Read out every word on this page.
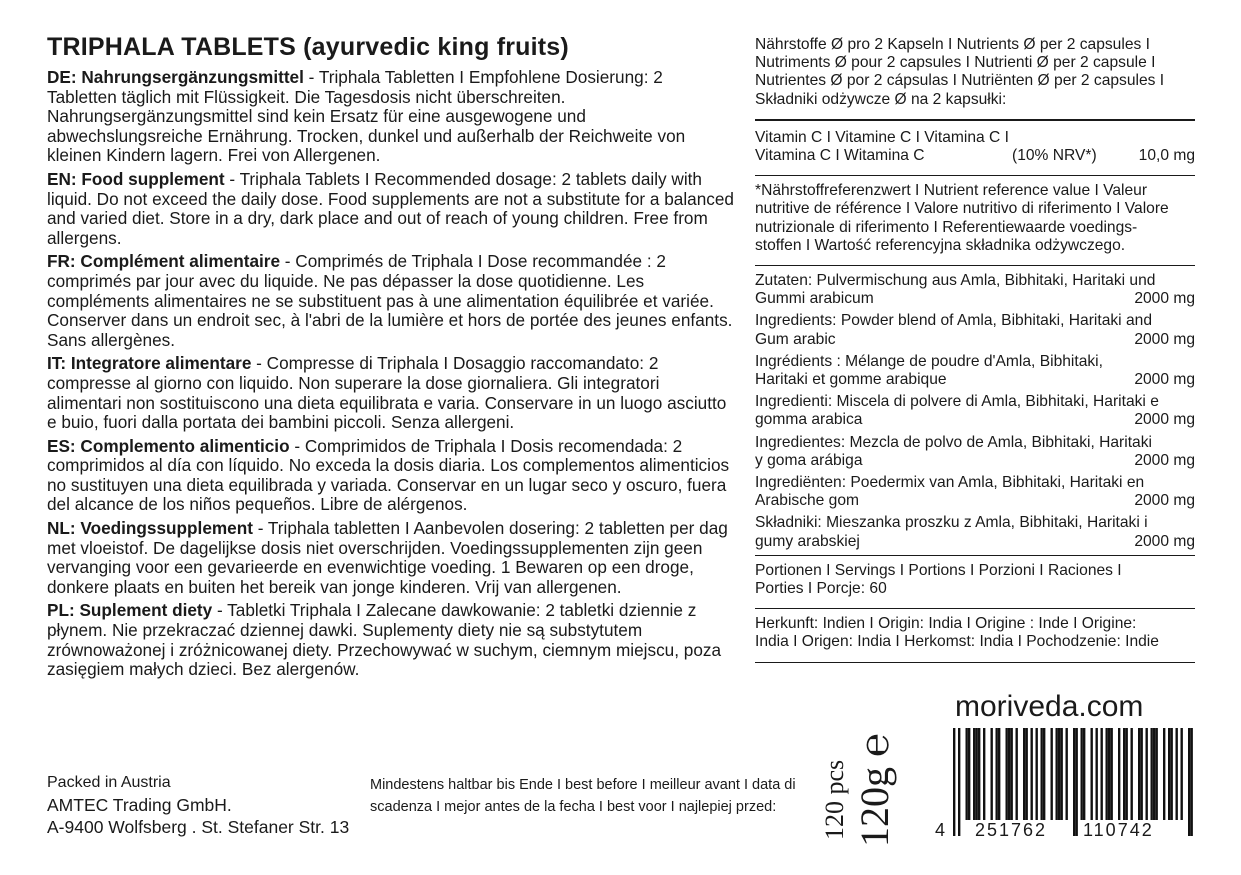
TRIPHALA TABLETS (ayurvedic king fruits)
DE: Nahrungsergänzungsmittel - Triphala Tabletten I Empfohlene Dosierung: 2 Tabletten täglich mit Flüssigkeit. Die Tagesdosis nicht überschreiten. Nahrungsergänzungsmittel sind kein Ersatz für eine ausgewogene und abwechslungsreiche Ernährung. Trocken, dunkel und außerhalb der Reichweite von kleinen Kindern lagern. Frei von Allergenen.
EN: Food supplement - Triphala Tablets I Recommended dosage: 2 tablets daily with liquid. Do not exceed the daily dose. Food supplements are not a substitute for a balanced and varied diet. Store in a dry, dark place and out of reach of young children. Free from allergens.
FR: Complément alimentaire - Comprimés de Triphala I Dose recommandée : 2 comprimés par jour avec du liquide. Ne pas dépasser la dose quotidienne. Les compléments alimentaires ne se substituent pas à une alimentation équilibrée et variée. Conserver dans un endroit sec, à l'abri de la lumière et hors de portée des jeunes enfants. Sans allergènes.
IT: Integratore alimentare - Compresse di Triphala I Dosaggio raccomandato: 2 compresse al giorno con liquido. Non superare la dose giornaliera. Gli integratori alimentari non sostituiscono una dieta equilibrata e varia. Conservare in un luogo asciutto e buio, fuori dalla portata dei bambini piccoli. Senza allergeni.
ES: Complemento alimenticio - Comprimidos de Triphala I Dosis recomendada: 2 comprimidos al día con líquido. No exceda la dosis diaria. Los complementos alimenticios no sustituyen una dieta equilibrada y variada. Conservar en un lugar seco y oscuro, fuera del alcance de los niños pequeños. Libre de alérgenos.
NL: Voedingssupplement - Triphala tabletten I Aanbevolen dosering: 2 tabletten per dag met vloeistof. De dagelijkse dosis niet overschrijden. Voedingssupplementen zijn geen vervanging voor een gevarieerde en evenwichtige voeding. 1 Bewaren op een droge, donkere plaats en buiten het bereik van jonge kinderen. Vrij van allergenen.
PL: Suplement diety - Tabletki Triphala I Zalecane dawkowanie: 2 tabletki dziennie z płynem. Nie przekraczać dziennej dawki. Suplementy diety nie są substytutem zrównoważonej i zróżnicowanej diety. Przechowywać w suchym, ciemnym miejscu, poza zasięgiem małych dzieci. Bez alergenów.
Packed in Austria
AMTEC Trading GmbH.
A-9400 Wolfsberg . St. Stefaner Str. 13
Mindestens haltbar bis Ende I best before I meilleur avant I data di scadenza I mejor antes de la fecha I best voor I najlepiej przed:
Nährstoffe Ø pro 2 Kapseln I Nutrients Ø per 2 capsules I
Nutriments Ø pour 2 capsules I Nutrienti Ø per 2 capsule I
Nutrientes Ø por 2 cápsulas I Nutriënten Ø per 2 capsules I
Składniki odżywcze Ø na 2 kapsułki:
Vitamin C I Vitamine C I Vitamina C I
Vitamina C I Witamina C	(10% NRV*)	10,0 mg
*Nährstoffreferenzwert I Nutrient reference value I Valeur
nutritive de référence I Valore nutritivo di riferimento I Valore
nutrizionale di riferimento I Referentiewaarde voedings-
stoffen I Wartość referencyjna składnika odżywczego.
Zutaten: Pulvermischung aus Amla, Bibhitaki, Haritaki und
Gummi arabicum	2000 mg
Ingredients: Powder blend of Amla, Bibhitaki, Haritaki and
Gum arabic	2000 mg
Ingrédients : Mélange de poudre d'Amla, Bibhitaki,
Haritaki et gomme arabique	2000 mg
Ingredienti: Miscela di polvere di Amla, Bibhitaki, Haritaki e
gomma arabica	2000 mg
Ingredientes: Mezcla de polvo de Amla, Bibhitaki, Haritaki
y goma arábiga	2000 mg
Ingrediënten: Poedermix van Amla, Bibhitaki, Haritaki en
Arabische gom	2000 mg
Składniki: Mieszanka proszku z Amla, Bibhitaki, Haritaki i
gumy arabskiej	2000 mg
Portionen I Servings I Portions I Porzioni I Raciones I
Porties I Porcje: 60
Herkunft: Indien I Origin: India I Origine : Inde I Origine:
India I Origen: India I Herkomst: India I Pochodzenie: Indie
moriveda.com
120 pcs 120g ℮ 4 251762 110742
